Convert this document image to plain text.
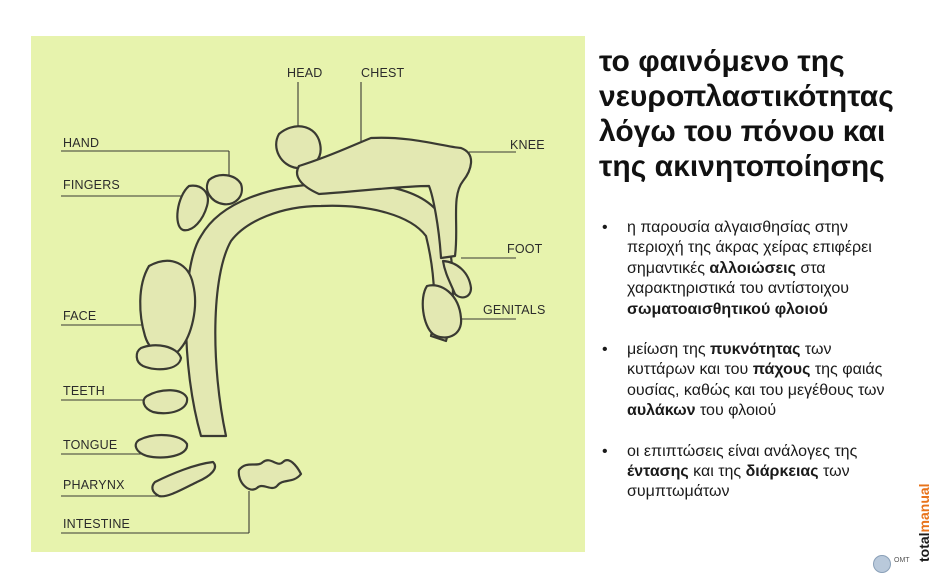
HEAD	CHEST
HAND	KNEE
FINGERS
FOOT
FACE	GENITALS
TEETH
TONGUE
PHARYNX
INTESTINE
το φαινόμενο της νευροπλαστικότητας λόγω του πόνου και της ακινητοποίησης
• η παρουσία αλγαισθησίας στην περιοχή της άκρας χείρας επιφέρει σημαντικές αλλοιώσεις στα χαρακτηριστικά του αντίστοιχου σωματοαισθητικού φλοιού
• μείωση της πυκνότητας των κυττάρων και του πάχους της φαιάς ουσίας, καθώς και του μεγέθους των αυλάκων του φλοιού
• οι επιπτώσεις είναι ανάλογες της έντασης και της διάρκειας των συμπτωμάτων
totalmanual
OMT
